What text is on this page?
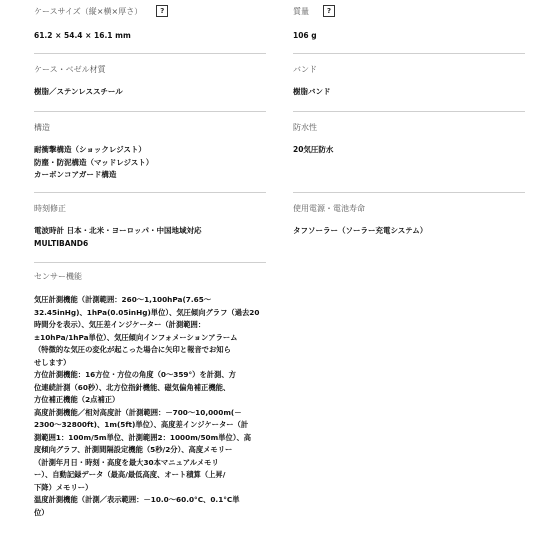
ケースサイズ（縦×横×厚さ）	?
61.2 × 54.4 × 16.1 mm
質量	?
106 g
ケース・ベゼル材質
樹脂／ステンレススチール
バンド
樹脂バンド
構造
耐衝撃構造（ショックレジスト）
防塵・防泥構造（マッドレジスト）
カーボンコアガード構造
防水性
20気圧防水
時刻修正
電波時計 日本・北米・ヨーロッパ・中国地域対応
MULTIBAND6
使用電源・電池寿命
タフソーラー（ソーラー充電システム）
センサー機能
気圧計測機能（計測範囲：260〜1,100hPa(7.65〜
32.45inHg)、1hPa(0.05inHg)単位）、気圧傾向グラフ（過去20
時間分を表示）、気圧差インジケーター（計測範囲：
±10hPa/1hPa単位）、気圧傾向インフォメーションアラーム
（特徴的な気圧の変化が起こった場合に矢印と報音でお知ら
せします）
方位計測機能：16方位・方位の角度（0〜359°）を計測、方
位連続計測（60秒）、北方位指針機能、磁気偏角補正機能、
方位補正機能（2点補正）
高度計測機能／相対高度計（計測範囲：－700〜10,000m(－
2300〜32800ft)、1m(5ft)単位）、高度差インジケーター（計
測範囲1：100m/5m単位、計測範囲2：1000m/50m単位）、高
度傾向グラフ、計測間隔設定機能（5秒/2分）、高度メモリー
（計測年月日・時刻・高度を最大30本マニュアルメモリ
ー）、自動記録データ（最高/最低高度、オート積算（上昇/
下降）メモリー）
温度計測機能（計測／表示範囲：－10.0〜60.0°C、0.1°C単
位）
